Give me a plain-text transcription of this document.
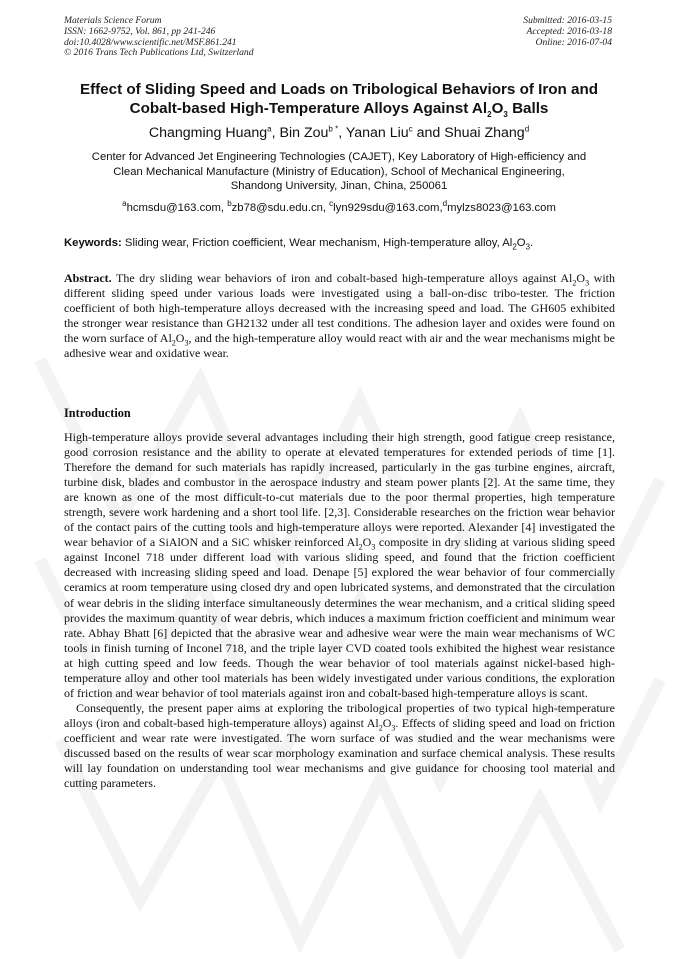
Materials Science Forum
ISSN: 1662-9752, Vol. 861, pp 241-246
doi:10.4028/www.scientific.net/MSF.861.241
© 2016 Trans Tech Publications Ltd, Switzerland
Submitted: 2016-03-15
Accepted: 2016-03-18
Online: 2016-07-04
Effect of Sliding Speed and Loads on Tribological Behaviors of Iron and
Cobalt-based High-Temperature Alloys Against $Al_2O_3$ Balls
Changming Huang$^a$, Bin Zou$^{b *}$, Yanan Liu$^c$ and Shuai Zhang$^d$
Center for Advanced Jet Engineering Technologies (CAJET), Key Laboratory of High-efficiency and
Clean Mechanical Manufacture (Ministry of Education), School of Mechanical Engineering,
Shandong University, Jinan, China, 250061
$^a$hcmsdu@163.com, $^b$zb78@sdu.edu.cn, $^c$lyn929sdu@163.com,$^d$mylzs8023@163.com
Keywords: Sliding wear, Friction coefficient, Wear mechanism, High-temperature alloy, $Al_2O_3$.
Abstract. The dry sliding wear behaviors of iron and cobalt-based high-temperature alloys against $Al_2O_3$ with different sliding speed under various loads were investigated using a ball-on-disc tribo-tester. The friction coefficient of both high-temperature alloys decreased with the increasing speed and load. The GH605 exhibited the stronger wear resistance than GH2132 under all test conditions. The adhesion layer and oxides were found on the worn surface of $Al_2O_3$, and the high-temperature alloy would react with air and the wear mechanisms might be adhesive wear and oxidative wear.
Introduction

High-temperature alloys provide several advantages including their high strength, good fatigue creep resistance, good corrosion resistance and the ability to operate at elevated temperatures for extended periods of time [1]. Therefore the demand for such materials has rapidly increased, particularly in the gas turbine engines, aircraft, turbine disk, blades and combustor in the aerospace industry and steam power plants [2]. At the same time, they are known as one of the most difficult-to-cut materials due to the poor thermal properties, high temperature strength, severe work hardening and a short tool life. [2,3]. Considerable researches on the friction wear behavior of the contact pairs of the cutting tools and high-temperature alloys were reported. Alexander [4] investigated the wear behavior of a SiAlON and a SiC whisker reinforced $Al_2O_3$ composite in dry sliding at various sliding speed against Inconel 718 under different load with various sliding speed, and found that the friction coefficient decreased with increasing sliding speed and load. Denape [5] explored the wear behavior of four commercially ceramics at room temperature using closed dry and open lubricated systems, and demonstrated that the circulation of wear debris in the sliding interface simultaneously determines the wear mechanism, and a critical sliding speed provides the maximum quantity of wear debris, which induces a maximum friction coefficient and minimum wear rate. Abhay Bhatt [6] depicted that the abrasive wear and adhesive wear were the main wear mechanisms of WC tools in finish turning of Inconel 718, and the triple layer CVD coated tools exhibited the highest wear resistance at high cutting speed and low feeds. Though the wear behavior of tool materials against nickel-based high-temperature alloy and other tool materials has been widely investigated under various conditions, the exploration of friction and wear behavior of tool materials against iron and cobalt-based high-temperature alloys is scant.

Consequently, the present paper aims at exploring the tribological properties of two typical high-temperature alloys (iron and cobalt-based high-temperature alloys) against $Al_2O_3$. Effects of sliding speed and load on friction coefficient and wear rate were investigated. The worn surface of was studied and the wear mechanisms were discussed based on the results of wear scar morphology examination and surface chemical analysis. These results will lay foundation on understanding tool wear mechanisms and give guidance for choosing tool material and cutting parameters.
